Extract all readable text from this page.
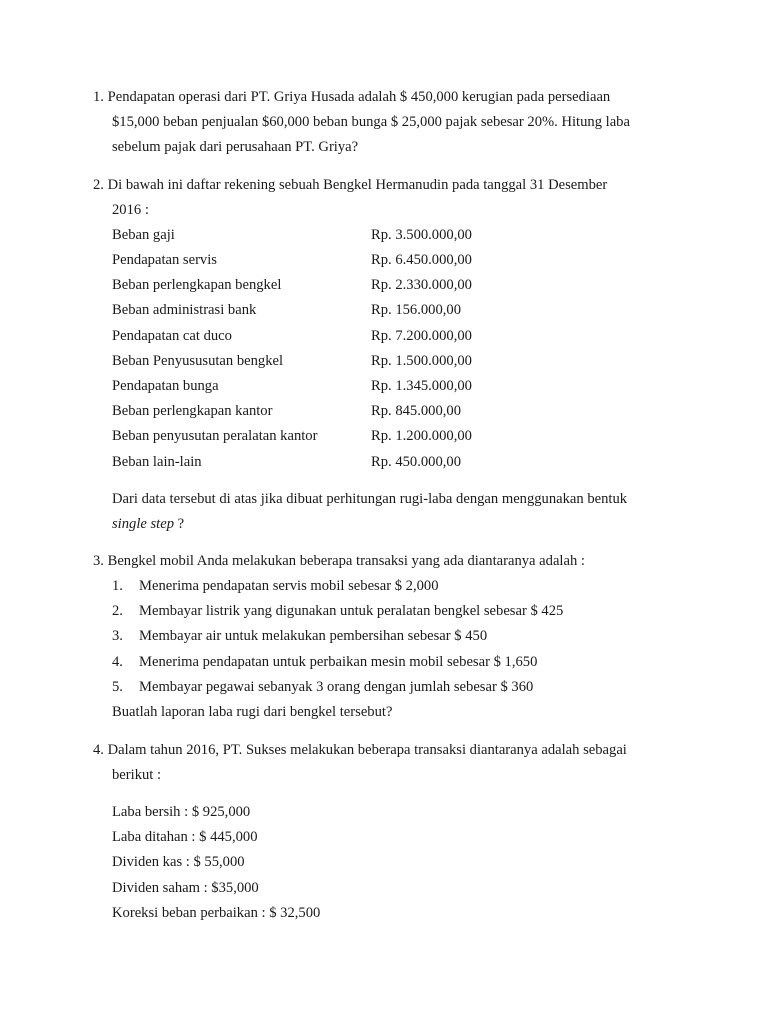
1. Pendapatan operasi dari PT. Griya Husada adalah $ 450,000 kerugian pada persediaan
$15,000 beban penjualan $60,000 beban bunga $ 25,000 pajak sebesar 20%. Hitung laba
sebelum pajak dari perusahaan PT. Griya?
2. Di bawah ini daftar rekening sebuah Bengkel Hermanudin pada tanggal 31 Desember
2016 :
Beban gaji	Rp. 3.500.000,00
Pendapatan servis	Rp. 6.450.000,00
Beban perlengkapan bengkel	Rp. 2.330.000,00
Beban administrasi bank	Rp. 156.000,00
Pendapatan cat duco	Rp. 7.200.000,00
Beban Penyususutan bengkel	Rp. 1.500.000,00
Pendapatan bunga	Rp. 1.345.000,00
Beban perlengkapan kantor	Rp. 845.000,00
Beban penyusutan peralatan kantor	Rp. 1.200.000,00
Beban lain-lain	Rp. 450.000,00
Dari data tersebut di atas jika dibuat perhitungan rugi-laba dengan menggunakan bentuk
single step ?
3. Bengkel mobil Anda melakukan beberapa transaksi yang ada diantaranya adalah :
1. Menerima pendapatan servis mobil sebesar $ 2,000
2. Membayar listrik yang digunakan untuk peralatan bengkel sebesar $ 425
3. Membayar air untuk melakukan pembersihan sebesar $ 450
4. Menerima pendapatan untuk perbaikan mesin mobil sebesar $ 1,650
5. Membayar pegawai sebanyak 3 orang dengan jumlah sebesar $ 360
Buatlah laporan laba rugi dari bengkel tersebut?
4. Dalam tahun 2016, PT. Sukses melakukan beberapa transaksi diantaranya adalah sebagai
berikut :
Laba bersih : $ 925,000
Laba ditahan : $ 445,000
Dividen kas : $ 55,000
Dividen saham : $35,000
Koreksi beban perbaikan : $ 32,500
